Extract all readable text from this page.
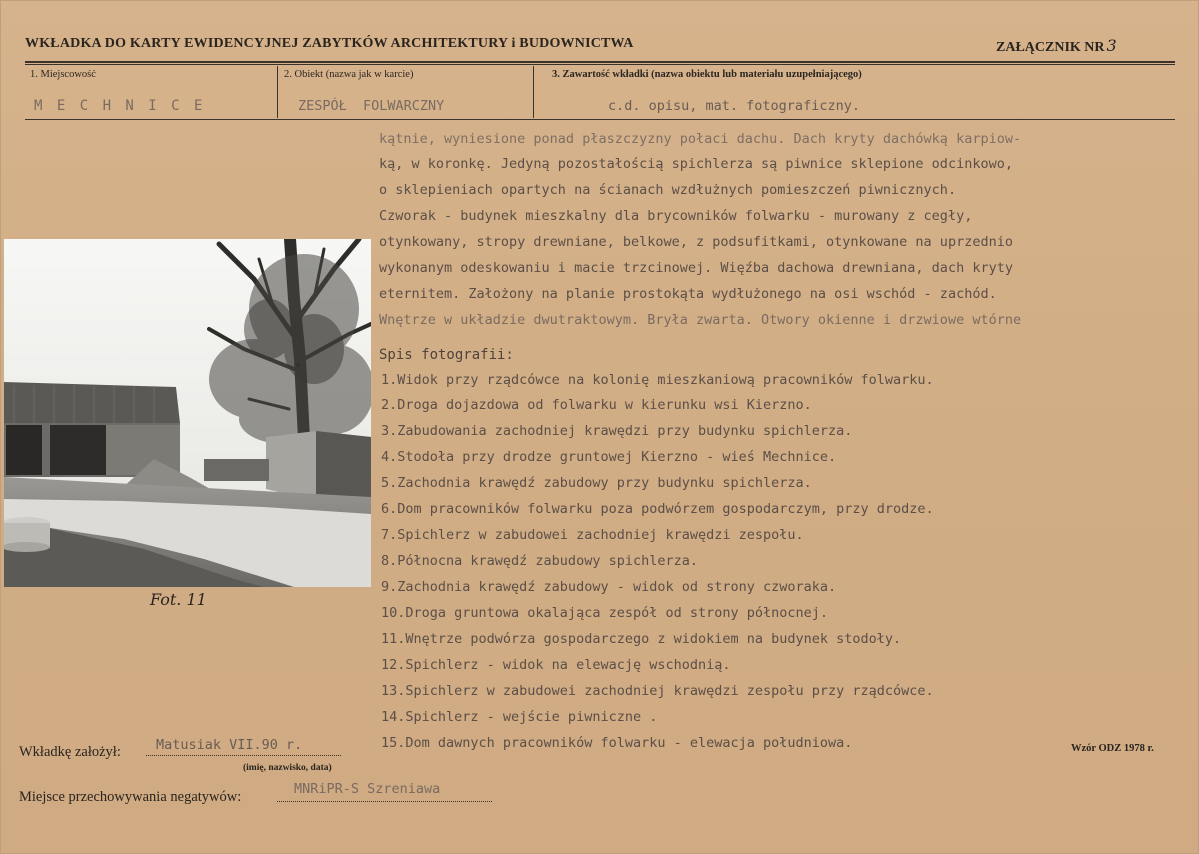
WKŁADKA DO KARTY EWIDENCYJNEJ ZABYTKÓW ARCHITEKTURY i BUDOWNICTWA	ZAŁĄCZNIK NR 3
1. Miejscowość
M E C H N I C E
2. Obiekt (nazwa jak w karcie)
ZESPÓŁ  FOLWARCZNY
3. Zawartość wkładki (nazwa obiektu lub materiału uzupełniającego)
c.d. opisu, mat. fotograficzny.
kątnie, wyniesione ponad płaszczyzny połaci dachu. Dach kryty dachówką karpiow-
ką, w koronkę. Jedyną pozostałością spichlerza są piwnice sklepione odcinkowo,
o sklepieniach opartych na ścianach wzdłużnych pomieszczeń piwnicznych.
Czworak - budynek mieszkalny dla brycowników folwarku - murowany z cegły,
otynkowany, stropy drewniane, belkowe, z podsufitkami, otynkowane na uprzednio
wykonanym odeskowaniu i macie trzcinowej. Więźba dachowa drewniana, dach kryty
eternitem. Założony na planie prostokąta wydłużonego na osi wschód - zachód.
Wnętrze w układzie dwutraktowym. Bryła zwarta. Otwory okienne i drzwiowe wtórne
Spis fotografii:
1.Widok przy rządcówce na kolonię mieszkaniową pracowników folwarku.
2.Droga dojazdowa od folwarku w kierunku wsi Kierzno.
3.Zabudowania zachodniej krawędzi przy budynku spichlerza.
4.Stodoła przy drodze gruntowej Kierzno - wieś Mechnice.
5.Zachodnia krawędź zabudowy przy budynku spichlerza.
6.Dom pracowników folwarku poza podwórzem gospodarczym, przy drodze.
7.Spichlerz w zabudowei zachodniej krawędzi zespołu.
8.Północna krawędź zabudowy spichlerza.
9.Zachodnia krawędź zabudowy - widok od strony czworaka.
10.Droga gruntowa okalająca zespół od strony północnej.
11.Wnętrze podwórza gospodarczego z widokiem na budynek stodoły.
12.Spichlerz - widok na elewację wschodnią.
13.Spichlerz w zabudowei zachodniej krawędzi zespołu przy rządcówce.
14.Spichlerz - wejście piwniczne .
15.Dom dawnych pracowników folwarku - elewacja południowa.
Fot. 11
Wkładkę założył:	Matusiak VII.90 r.
(imię, nazwisko, data)
Miejsce przechowywania negatywów:	MNRiPR-S Szreniawa
Wzór ODZ 1978 r.
